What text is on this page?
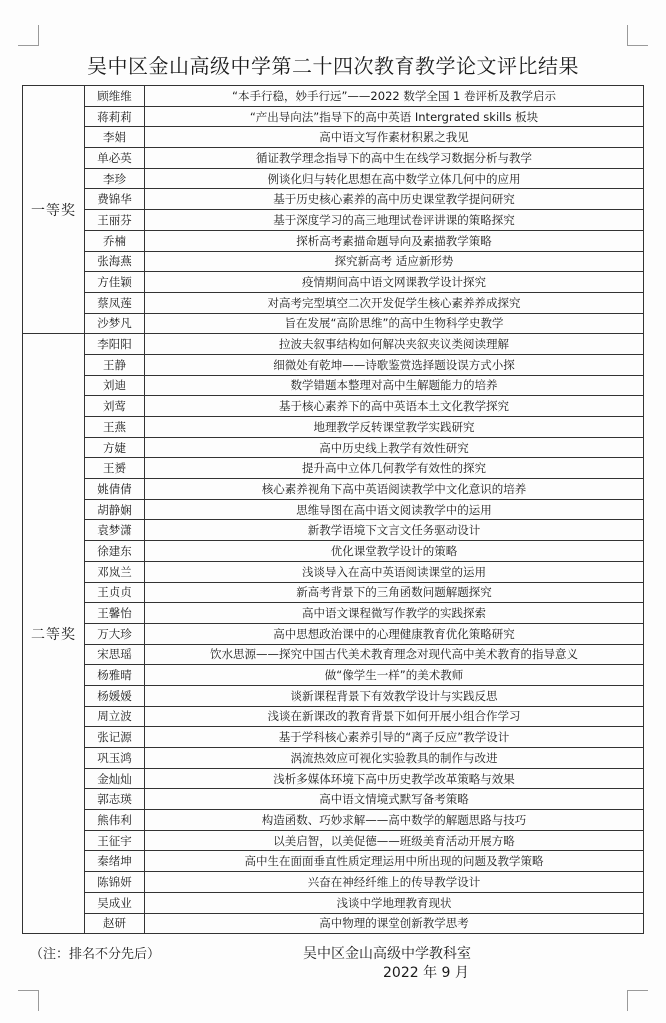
吴中区金山高级中学第二十四次教育教学论文评比结果
一等奖	顾维维	“本手行稳，妙手行远”——2022 数学全国 1 卷评析及教学启示
	蒋莉莉	“产出导向法”指导下的高中英语 Intergrated skills 板块
	李娟	高中语文写作素材积累之我见
	单必英	循证教学理念指导下的高中生在线学习数据分析与教学
	李珍	例谈化归与转化思想在高中数学立体几何中的应用
	费锦华	基于历史核心素养的高中历史课堂教学提问研究
	王丽芬	基于深度学习的高三地理试卷评讲课的策略探究
	乔楠	探析高考素描命题导向及素描教学策略
	张海燕	探究新高考 适应新形势
	方佳颖	疫情期间高中语文网课教学设计探究
	蔡凤莲	对高考完型填空二次开发促学生核心素养养成探究
	沙梦凡	旨在发展“高阶思维”的高中生物科学史教学
二等奖	李阳阳	拉波夫叙事结构如何解决夹叙夹议类阅读理解
	王静	细微处有乾坤——诗歌鉴赏选择题设误方式小探
	刘迪	数学错题本整理对高中生解题能力的培养
	刘莺	基于核心素养下的高中英语本土文化教学探究
	王燕	地理教学反转课堂教学实践研究
	方婕	高中历史线上教学有效性研究
	王赟	提升高中立体几何教学有效性的探究
	姚倩倩	核心素养视角下高中英语阅读教学中文化意识的培养
	胡静娴	思维导图在高中语文阅读教学中的运用
	袁梦潇	新教学语境下文言文任务驱动设计
	徐建东	优化课堂教学设计的策略
	邓岚兰	浅谈导入在高中英语阅读课堂的运用
	王贞贞	新高考背景下的三角函数问题解题探究
	王馨怡	高中语文课程微写作教学的实践探索
	万大珍	高中思想政治课中的心理健康教育优化策略研究
	宋思瑶	饮水思源——探究中国古代美术教育理念对现代高中美术教育的指导意义
	杨雅晴	做“像学生一样”的美术教师
	杨媛媛	谈新课程背景下有效教学设计与实践反思
	周立波	浅谈在新课改的教育背景下如何开展小组合作学习
	张记源	基于学科核心素养引导的“离子反应”教学设计
	巩玉鸿	涡流热效应可视化实验教具的制作与改进
	金灿灿	浅析多媒体环境下高中历史教学改革策略与效果
	郭志瑛	高中语文情境式默写备考策略
	熊伟利	构造函数、巧妙求解——高中数学的解题思路与技巧
	王征宇	以美启智，以美促德——班级美育活动开展方略
	秦绪坤	高中生在面面垂直性质定理运用中所出现的问题及教学策略
	陈锦妍	兴奋在神经纤维上的传导教学设计
	吴成业	浅谈中学地理教育现状
	赵研	高中物理的课堂创新教学思考
（注：排名不分先后）	吴中区金山高级中学教科室
2022 年 9 月
